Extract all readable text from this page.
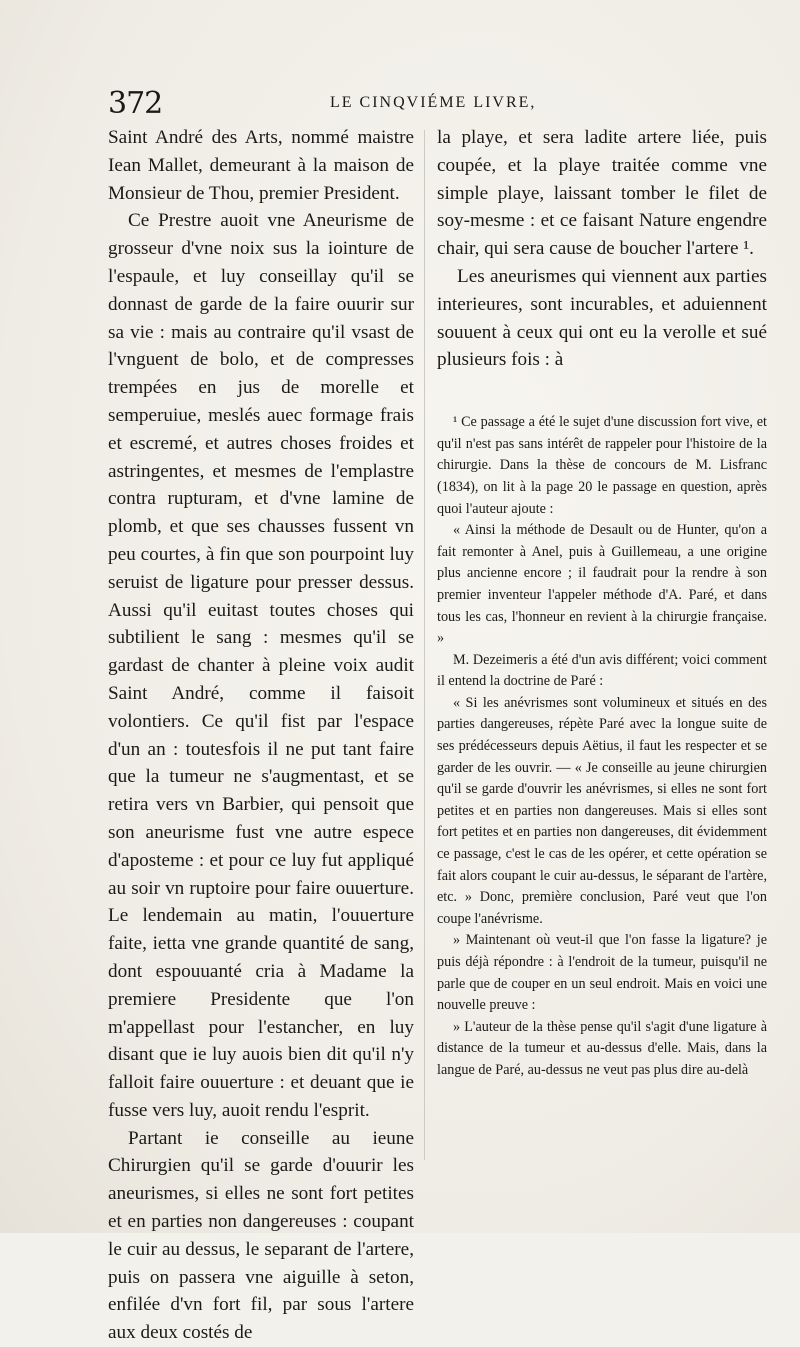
372	LE CINQVIÉME LIVRE,

Saint André des Arts, nommé maistre Iean Mallet, demeurant à la maison de Monsieur de Thou, premier President.

Ce Prestre auoit vne Aneurisme de grosseur d'vne noix sus la iointure de l'espaule, et luy conseillay qu'il se donnast de garde de la faire ouurir sur sa vie : mais au contraire qu'il vsast de l'vnguent de bolo, et de compresses trempées en jus de morelle et semperuiue, meslés auec formage frais et escremé, et autres choses froides et astringentes, et mesmes de l'emplastre contra rupturam, et d'vne lamine de plomb, et que ses chausses fussent vn peu courtes, à fin que son pourpoint luy seruist de ligature pour presser dessus. Aussi qu'il euitast toutes choses qui subtilient le sang : mesmes qu'il se gardast de chanter à pleine voix audit Saint André, comme il faisoit volontiers. Ce qu'il fist par l'espace d'un an : toutesfois il ne put tant faire que la tumeur ne s'augmentast, et se retira vers vn Barbier, qui pensoit que son aneurisme fust vne autre espece d'aposteme : et pour ce luy fut appliqué au soir vn ruptoire pour faire ouuerture. Le lendemain au matin, l'ouuerture faite, ietta vne grande quantité de sang, dont espouuanté cria à Madame la premiere Presidente que l'on m'appellast pour l'estancher, en luy disant que ie luy auois bien dit qu'il n'y falloit faire ouuerture : et deuant que ie fusse vers luy, auoit rendu l'esprit.

Partant ie conseille au ieune Chirurgien qu'il se garde d'ouurir les aneurismes, si elles ne sont fort petites et en parties non dangereuses : coupant le cuir au dessus, le separant de l'artere, puis on passera vne aiguille à seton, enfilée d'vn fort fil, par sous l'artere aux deux costés de

la playe, et sera ladite artere liée, puis coupée, et la playe traitée comme vne simple playe, laissant tomber le filet de soy-mesme : et ce faisant Nature engendre chair, qui sera cause de boucher l'artere ¹.

Les aneurismes qui viennent aux parties interieures, sont incurables, et aduiennent souuent à ceux qui ont eu la verolle et sué plusieurs fois : à

¹ Ce passage a été le sujet d'une discussion fort vive, et qu'il n'est pas sans intérêt de rappeler pour l'histoire de la chirurgie. Dans la thèse de concours de M. Lisfranc (1834), on lit à la page 20 le passage en question, après quoi l'auteur ajoute :

« Ainsi la méthode de Desault ou de Hunter, qu'on a fait remonter à Anel, puis à Guillemeau, a une origine plus ancienne encore ; il faudrait pour la rendre à son premier inventeur l'appeler méthode d'A. Paré, et dans tous les cas, l'honneur en revient à la chirurgie française. »

M. Dezeimeris a été d'un avis différent; voici comment il entend la doctrine de Paré :

« Si les anévrismes sont volumineux et situés en des parties dangereuses, répète Paré avec la longue suite de ses prédécesseurs depuis Aëtius, il faut les respecter et se garder de les ouvrir. — « Je conseille au jeune chirurgien qu'il se garde d'ouvrir les anévrismes, si elles ne sont fort petites et en parties non dangereuses. Mais si elles sont fort petites et en parties non dangereuses, dit évidemment ce passage, c'est le cas de les opérer, et cette opération se fait alors coupant le cuir au-dessus, le séparant de l'artère, etc. » Donc, première conclusion, Paré veut que l'on coupe l'anévrisme.

» Maintenant où veut-il que l'on fasse la ligature? je puis déjà répondre : à l'endroit de la tumeur, puisqu'il ne parle que de couper en un seul endroit. Mais en voici une nouvelle preuve :

» L'auteur de la thèse pense qu'il s'agit d'une ligature à distance de la tumeur et au-dessus d'elle. Mais, dans la langue de Paré, au-dessus ne veut pas plus dire au-delà
